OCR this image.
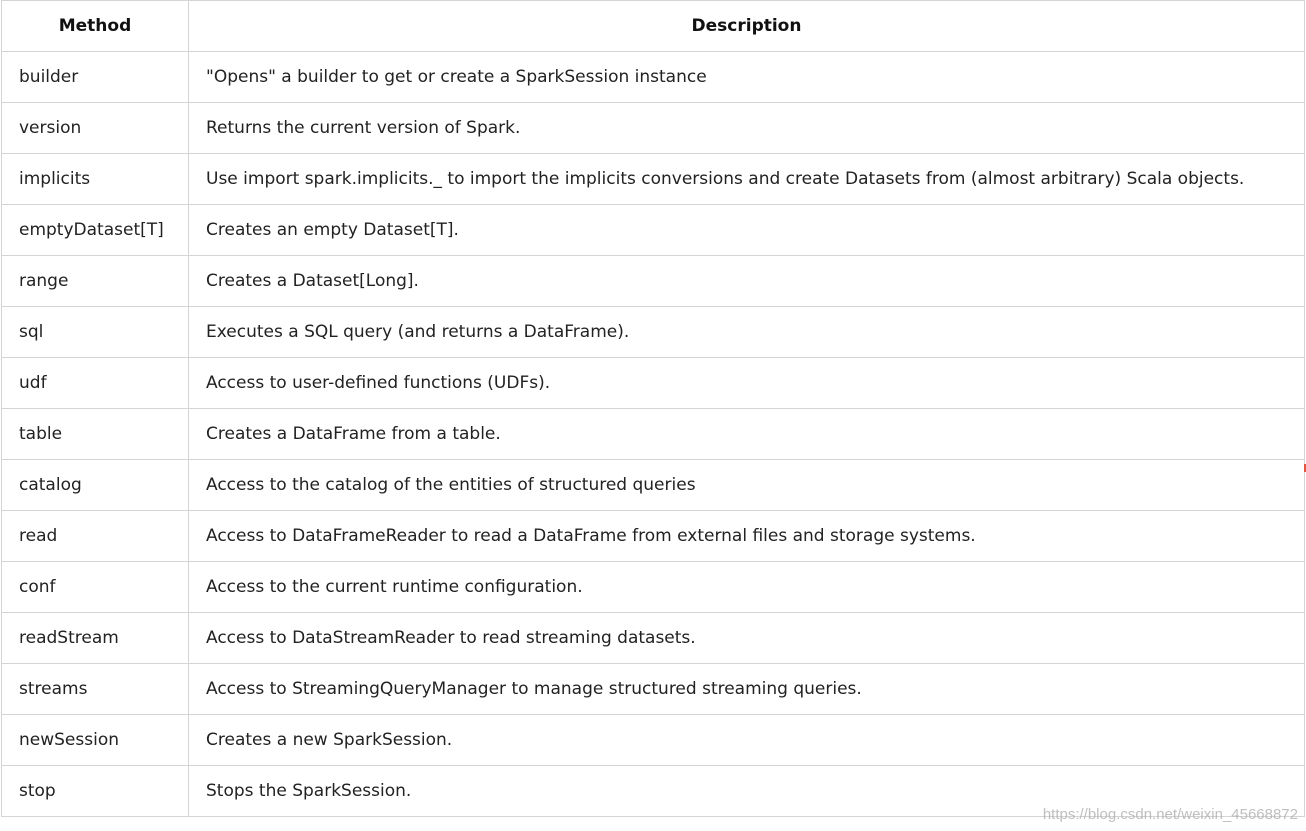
Method	Description
builder	"Opens" a builder to get or create a SparkSession instance
version	Returns the current version of Spark.
implicits	Use import spark.implicits._ to import the implicits conversions and create Datasets from (almost arbitrary) Scala objects.
emptyDataset[T]	Creates an empty Dataset[T].
range	Creates a Dataset[Long].
sql	Executes a SQL query (and returns a DataFrame).
udf	Access to user-defined functions (UDFs).
table	Creates a DataFrame from a table.
catalog	Access to the catalog of the entities of structured queries
read	Access to DataFrameReader to read a DataFrame from external files and storage systems.
conf	Access to the current runtime configuration.
readStream	Access to DataStreamReader to read streaming datasets.
streams	Access to StreamingQueryManager to manage structured streaming queries.
newSession	Creates a new SparkSession.
stop	Stops the SparkSession.
https://blog.csdn.net/weixin_45668872
